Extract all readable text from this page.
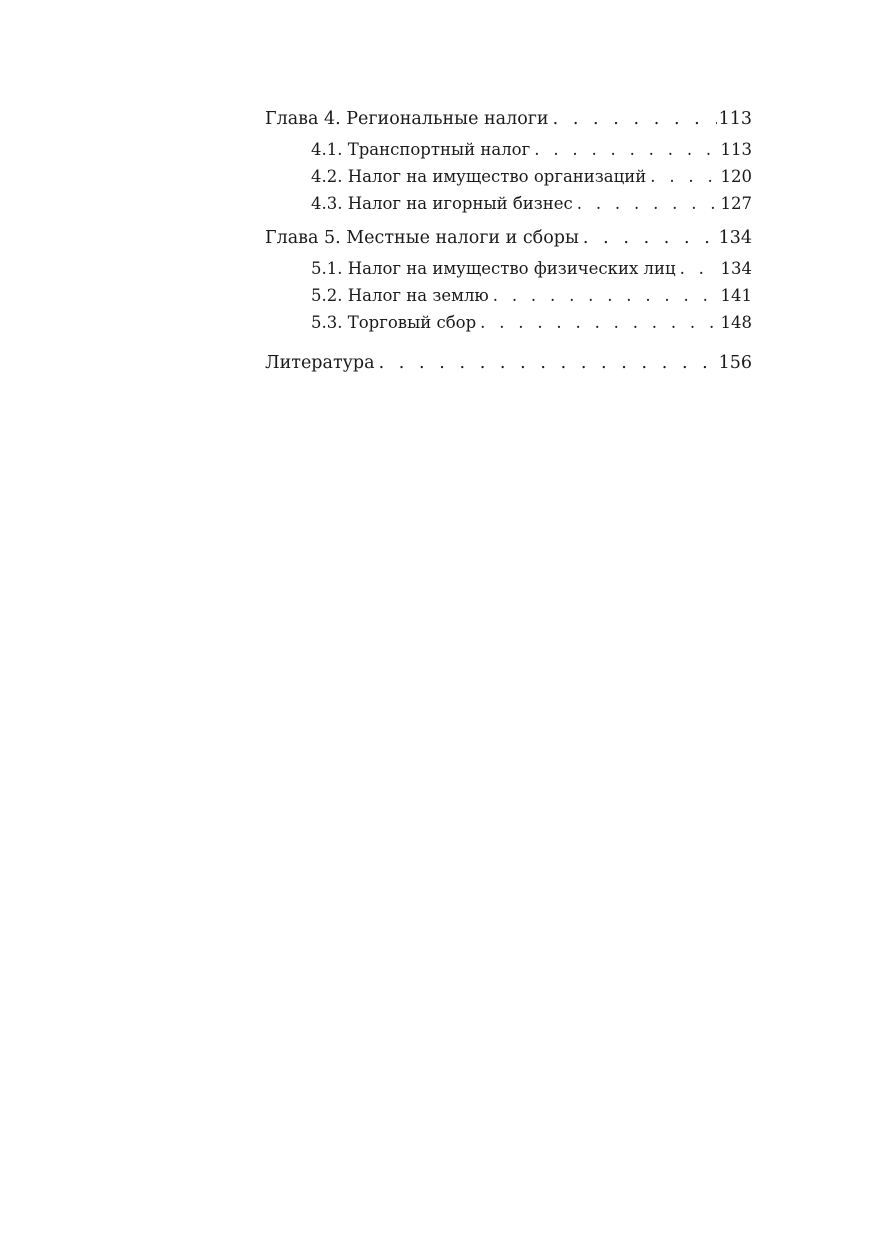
Глава 4. Региональные налоги . . .	113
4.1. Транспортный налог . . .	113
4.2. Налог на имущество организаций . . .	120
4.3. Налог на игорный бизнес . . .	127
Глава 5. Местные налоги и сборы . . .	134
5.1. Налог на имущество физических лиц . . .	134
5.2. Налог на землю . . .	141
5.3. Торговый сбор . . .	148
Литература . . .	156
